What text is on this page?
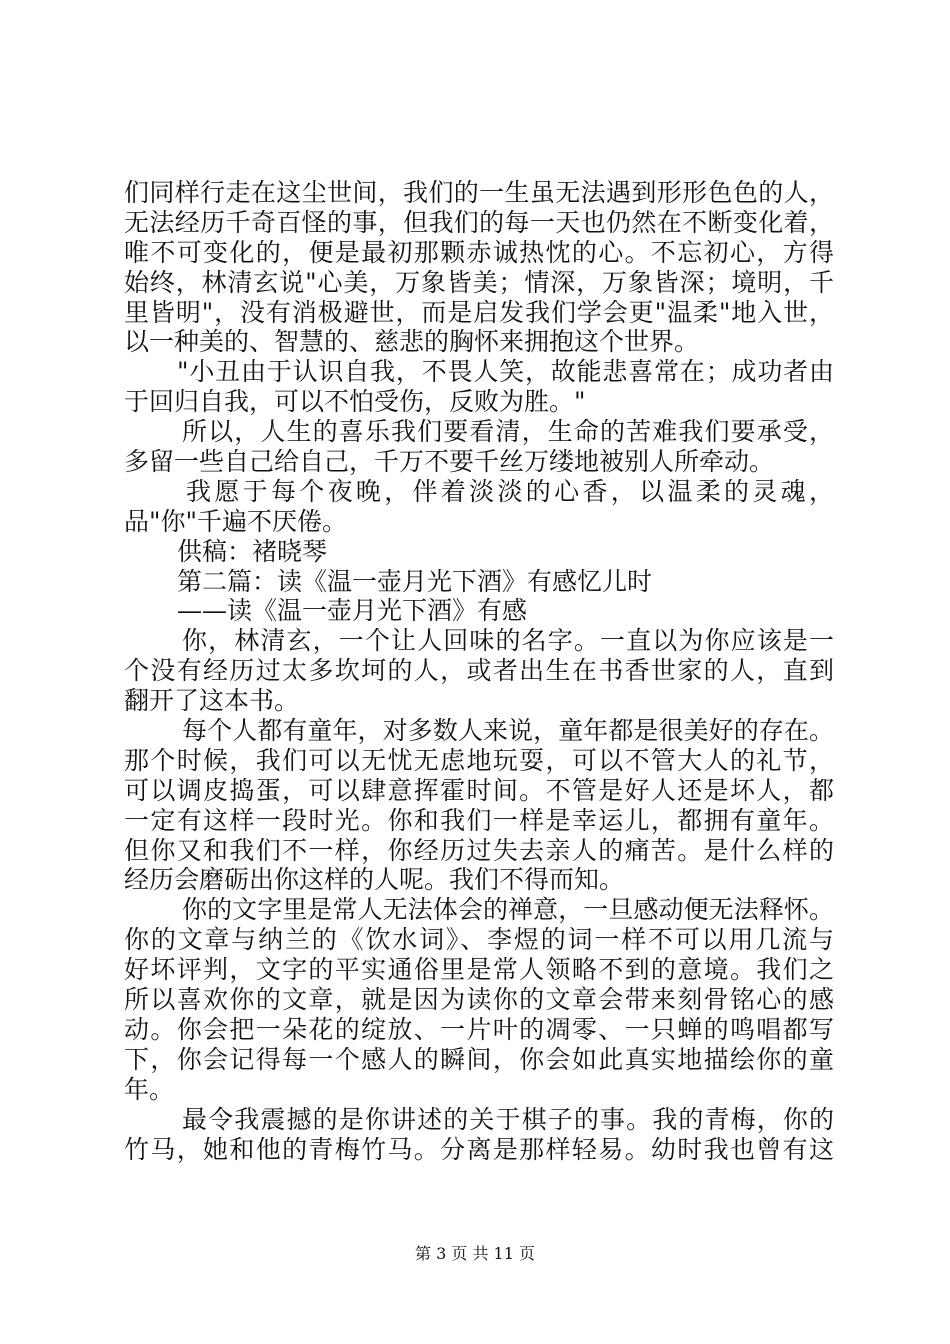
们同样行走在这尘世间，我们的一生虽无法遇到形形色色的人，
无法经历千奇百怪的事，但我们的每一天也仍然在不断变化着，
唯不可变化的，便是最初那颗赤诚热忱的心。不忘初心，方得
始终，林清玄说"心美，万象皆美；情深，万象皆深；境明，千
里皆明"，没有消极避世，而是启发我们学会更"温柔"地入世，
以一种美的、智慧的、慈悲的胸怀来拥抱这个世界。
"小丑由于认识自我，不畏人笑，故能悲喜常在；成功者由
于回归自我，可以不怕受伤，反败为胜。"
所以，人生的喜乐我们要看清，生命的苦难我们要承受，
多留一些自己给自己，千万不要千丝万缕地被别人所牵动。
我愿于每个夜晚，伴着淡淡的心香，以温柔的灵魂，
品"你"千遍不厌倦。
供稿：褚晓琴
第二篇：读《温一壶月光下酒》有感忆儿时
——读《温一壶月光下酒》有感
你，林清玄，一个让人回味的名字。一直以为你应该是一
个没有经历过太多坎坷的人，或者出生在书香世家的人，直到
翻开了这本书。
每个人都有童年，对多数人来说，童年都是很美好的存在。
那个时候，我们可以无忧无虑地玩耍，可以不管大人的礼节，
可以调皮捣蛋，可以肆意挥霍时间。不管是好人还是坏人，都
一定有这样一段时光。你和我们一样是幸运儿，都拥有童年。
但你又和我们不一样，你经历过失去亲人的痛苦。是什么样的
经历会磨砺出你这样的人呢。我们不得而知。
你的文字里是常人无法体会的禅意，一旦感动便无法释怀。
你的文章与纳兰的《饮水词》、李煜的词一样不可以用几流与
好坏评判，文字的平实通俗里是常人领略不到的意境。我们之
所以喜欢你的文章，就是因为读你的文章会带来刻骨铭心的感
动。你会把一朵花的绽放、一片叶的凋零、一只蝉的鸣唱都写
下，你会记得每一个感人的瞬间，你会如此真实地描绘你的童
年。
最令我震撼的是你讲述的关于棋子的事。我的青梅，你的
竹马，她和他的青梅竹马。分离是那样轻易。幼时我也曾有这
第 3 页 共 11 页
